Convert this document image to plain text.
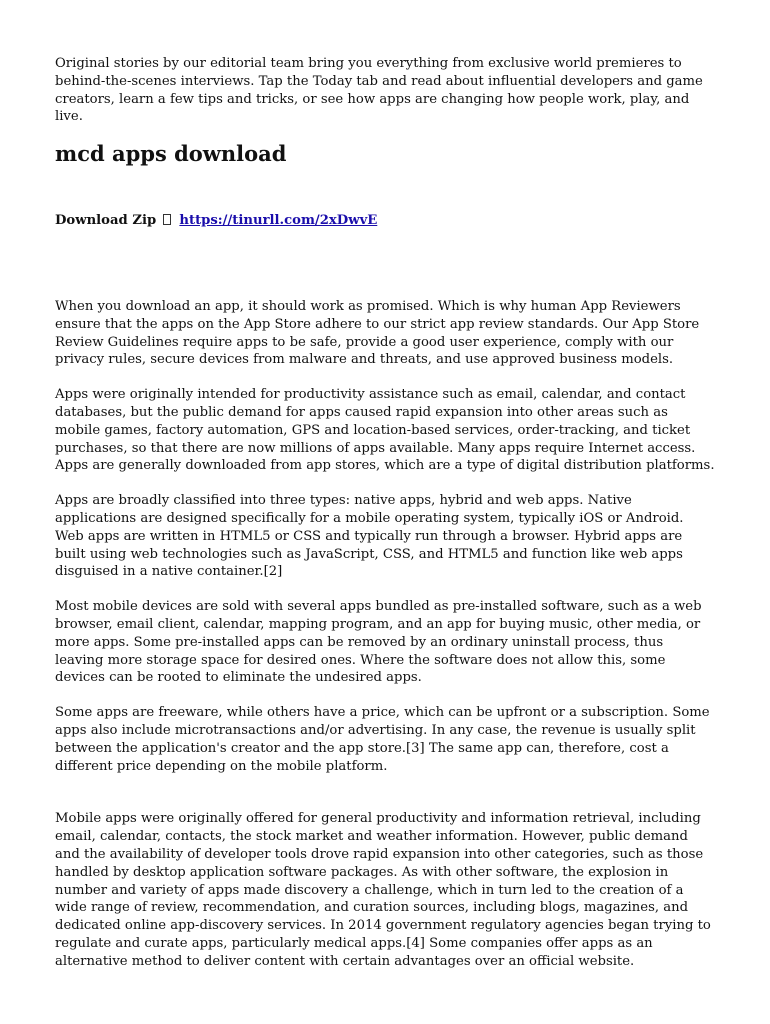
Original stories by our editorial team bring you everything from exclusive world premieres to behind-the-scenes interviews. Tap the Today tab and read about influential developers and game creators, learn a few tips and tricks, or see how apps are changing how people work, play, and live.

mcd apps download
Download Zip https://tinurll.com/2xDwvE

When you download an app, it should work as promised. Which is why human App Reviewers ensure that the apps on the App Store adhere to our strict app review standards. Our App Store Review Guidelines require apps to be safe, provide a good user experience, comply with our privacy rules, secure devices from malware and threats, and use approved business models.

Apps were originally intended for productivity assistance such as email, calendar, and contact databases, but the public demand for apps caused rapid expansion into other areas such as mobile games, factory automation, GPS and location-based services, order-tracking, and ticket purchases, so that there are now millions of apps available. Many apps require Internet access. Apps are generally downloaded from app stores, which are a type of digital distribution platforms.

Apps are broadly classified into three types: native apps, hybrid and web apps. Native applications are designed specifically for a mobile operating system, typically iOS or Android. Web apps are written in HTML5 or CSS and typically run through a browser. Hybrid apps are built using web technologies such as JavaScript, CSS, and HTML5 and function like web apps disguised in a native container.[2]

Most mobile devices are sold with several apps bundled as pre-installed software, such as a web browser, email client, calendar, mapping program, and an app for buying music, other media, or more apps. Some pre-installed apps can be removed by an ordinary uninstall process, thus leaving more storage space for desired ones. Where the software does not allow this, some devices can be rooted to eliminate the undesired apps.

Some apps are freeware, while others have a price, which can be upfront or a subscription. Some apps also include microtransactions and/or advertising. In any case, the revenue is usually split between the application's creator and the app store.[3] The same app can, therefore, cost a different price depending on the mobile platform.

Mobile apps were originally offered for general productivity and information retrieval, including email, calendar, contacts, the stock market and weather information. However, public demand and the availability of developer tools drove rapid expansion into other categories, such as those handled by desktop application software packages. As with other software, the explosion in number and variety of apps made discovery a challenge, which in turn led to the creation of a wide range of review, recommendation, and curation sources, including blogs, magazines, and dedicated online app-discovery services. In 2014 government regulatory agencies began trying to regulate and curate apps, particularly medical apps.[4] Some companies offer apps as an alternative method to deliver content with certain advantages over an official website.
